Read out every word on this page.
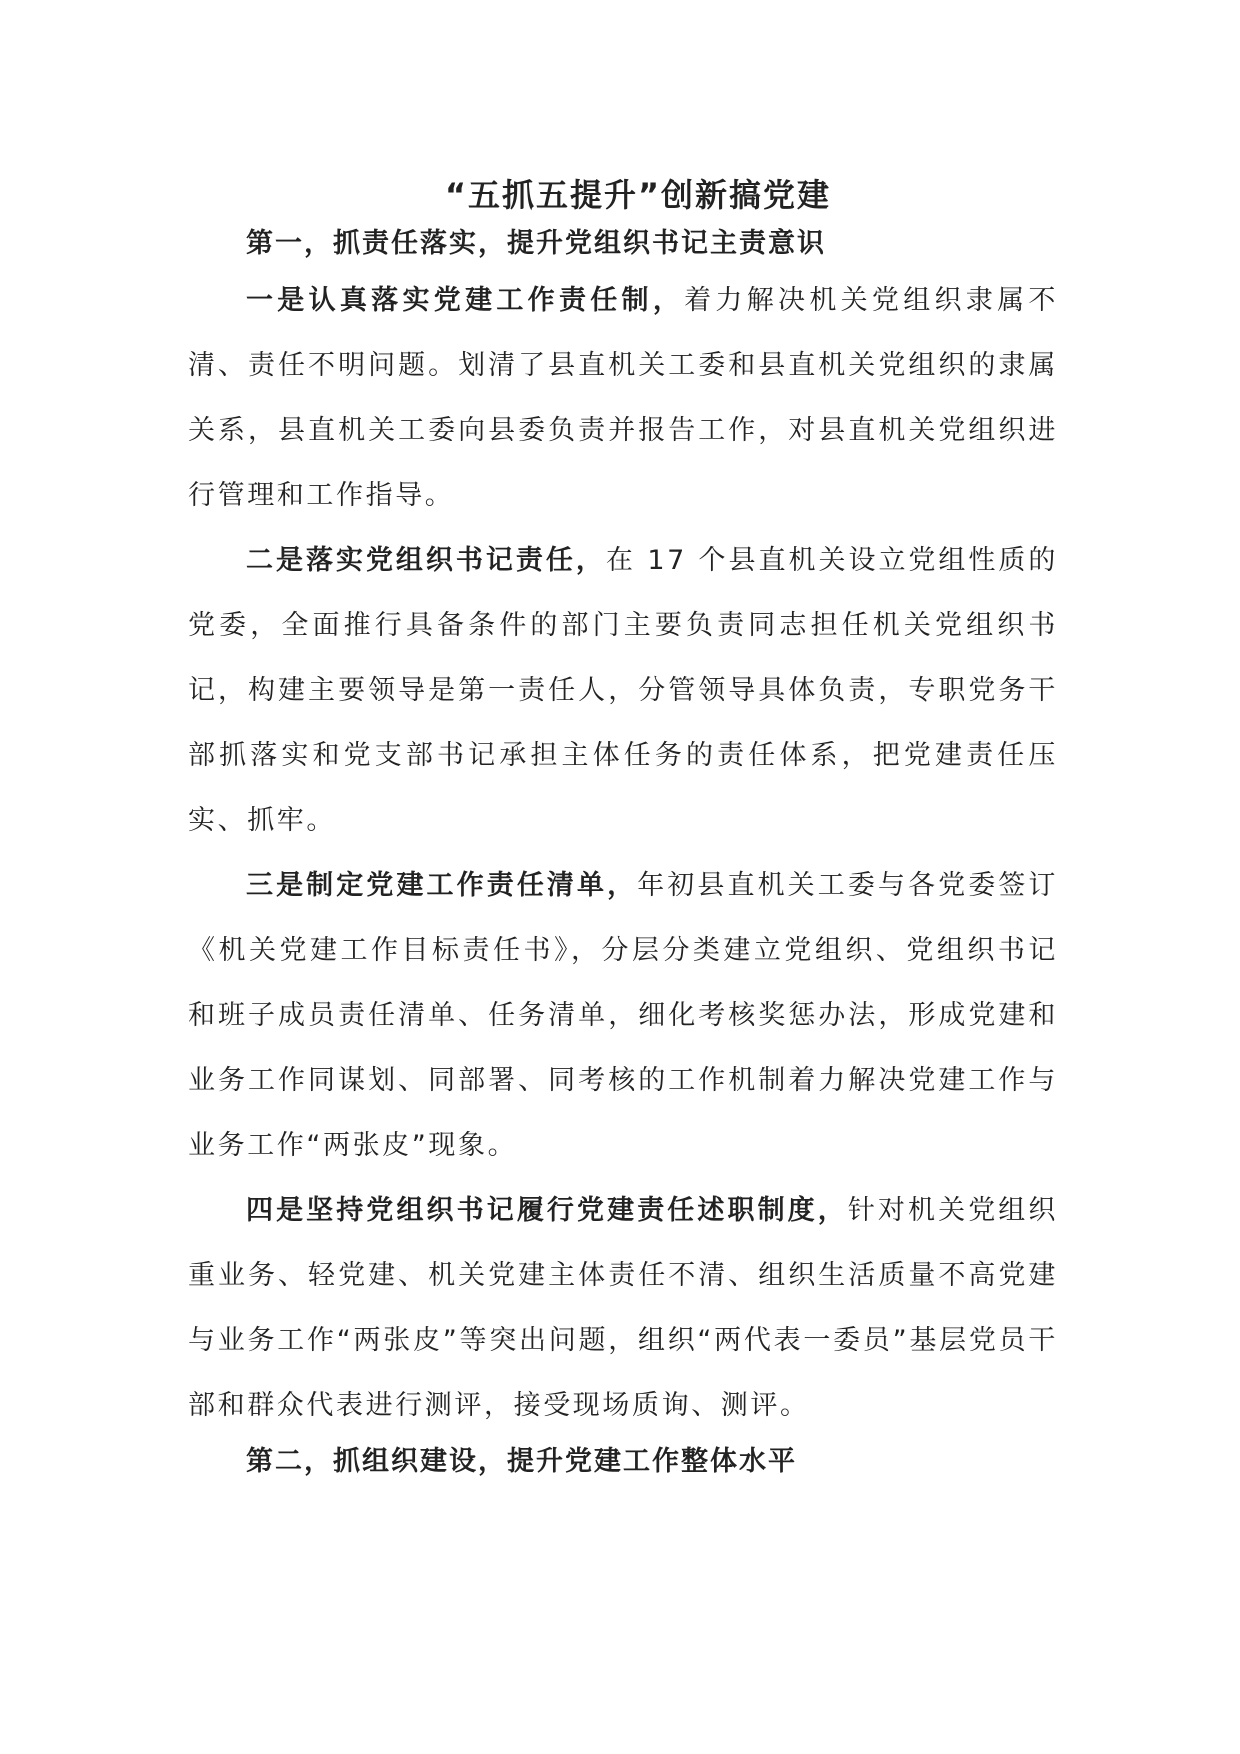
“五抓五提升”创新搞党建
第一，抓责任落实，提升党组织书记主责意识

一是认真落实党建工作责任制，着力解决机关党组织隶属不清、责任不明问题。划清了县直机关工委和县直机关党组织的隶属关系，县直机关工委向县委负责并报告工作，对县直机关党组织进行管理和工作指导。

二是落实党组织书记责任，在 17 个县直机关设立党组性质的党委，全面推行具备条件的部门主要负责同志担任机关党组织书记，构建主要领导是第一责任人，分管领导具体负责，专职党务干部抓落实和党支部书记承担主体任务的责任体系，把党建责任压实、抓牢。

三是制定党建工作责任清单，年初县直机关工委与各党委签订《机关党建工作目标责任书》，分层分类建立党组织、党组织书记和班子成员责任清单、任务清单，细化考核奖惩办法，形成党建和业务工作同谋划、同部署、同考核的工作机制着力解决党建工作与业务工作“两张皮”现象。

四是坚持党组织书记履行党建责任述职制度，针对机关党组织重业务、轻党建、机关党建主体责任不清、组织生活质量不高党建与业务工作“两张皮”等突出问题，组织“两代表一委员”基层党员干部和群众代表进行测评，接受现场质询、测评。

第二，抓组织建设，提升党建工作整体水平
